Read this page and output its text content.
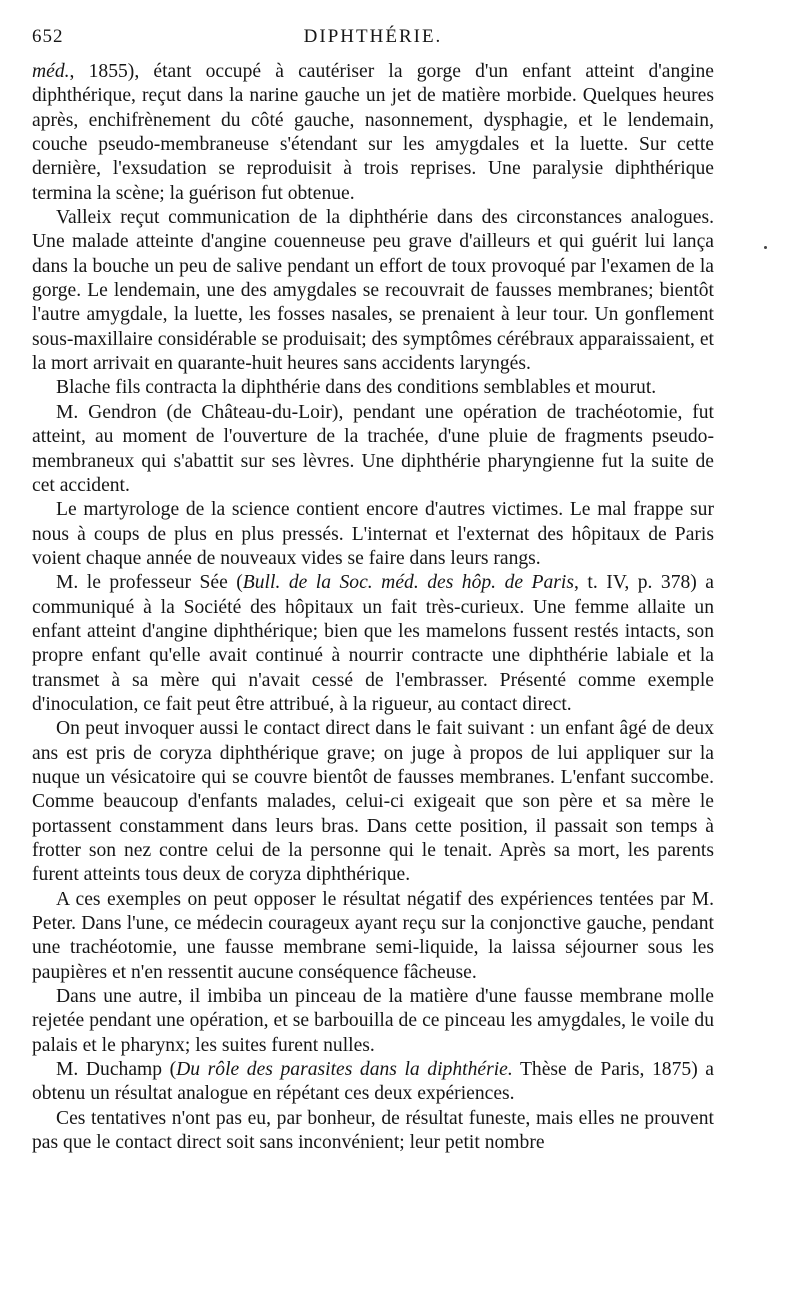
652	DIPHTHÉRIE.

méd., 1855), étant occupé à cautériser la gorge d'un enfant atteint d'angine diphthérique, reçut dans la narine gauche un jet de matière morbide. Quelques heures après, enchifrènement du côté gauche, nasonnement, dysphagie, et le lendemain, couche pseudo-membraneuse s'étendant sur les amygdales et la luette. Sur cette dernière, l'exsudation se reproduisit à trois reprises. Une paralysie diphthérique termina la scène; la guérison fut obtenue.

Valleix reçut communication de la diphthérie dans des circonstances analogues. Une malade atteinte d'angine couenneuse peu grave d'ailleurs et qui guérit lui lança dans la bouche un peu de salive pendant un effort de toux provoqué par l'examen de la gorge. Le lendemain, une des amygdales se recouvrait de fausses membranes; bientôt l'autre amygdale, la luette, les fosses nasales, se prenaient à leur tour. Un gonflement sous-maxillaire considérable se produisait; des symptômes cérébraux apparaissaient, et la mort arrivait en quarante-huit heures sans accidents laryngés.

Blache fils contracta la diphthérie dans des conditions semblables et mourut.

M. Gendron (de Château-du-Loir), pendant une opération de trachéotomie, fut atteint, au moment de l'ouverture de la trachée, d'une pluie de fragments pseudo-membraneux qui s'abattit sur ses lèvres. Une diphthérie pharyngienne fut la suite de cet accident.

Le martyrologe de la science contient encore d'autres victimes. Le mal frappe sur nous à coups de plus en plus pressés. L'internat et l'externat des hôpitaux de Paris voient chaque année de nouveaux vides se faire dans leurs rangs.

M. le professeur Sée (Bull. de la Soc. méd. des hôp. de Paris, t. IV, p. 378) a communiqué à la Société des hôpitaux un fait très-curieux. Une femme allaite un enfant atteint d'angine diphthérique; bien que les mamelons fussent restés intacts, son propre enfant qu'elle avait continué à nourrir contracte une diphthérie labiale et la transmet à sa mère qui n'avait cessé de l'embrasser. Présenté comme exemple d'inoculation, ce fait peut être attribué, à la rigueur, au contact direct.

On peut invoquer aussi le contact direct dans le fait suivant : un enfant âgé de deux ans est pris de coryza diphthérique grave; on juge à propos de lui appliquer sur la nuque un vésicatoire qui se couvre bientôt de fausses membranes. L'enfant succombe. Comme beaucoup d'enfants malades, celui-ci exigeait que son père et sa mère le portassent constamment dans leurs bras. Dans cette position, il passait son temps à frotter son nez contre celui de la personne qui le tenait. Après sa mort, les parents furent atteints tous deux de coryza diphthérique.

A ces exemples on peut opposer le résultat négatif des expériences tentées par M. Peter. Dans l'une, ce médecin courageux ayant reçu sur la conjonctive gauche, pendant une trachéotomie, une fausse membrane semi-liquide, la laissa séjourner sous les paupières et n'en ressentit aucune conséquence fâcheuse.

Dans une autre, il imbiba un pinceau de la matière d'une fausse membrane molle rejetée pendant une opération, et se barbouilla de ce pinceau les amygdales, le voile du palais et le pharynx; les suites furent nulles.

M. Duchamp (Du rôle des parasites dans la diphthérie. Thèse de Paris, 1875) a obtenu un résultat analogue en répétant ces deux expériences.

Ces tentatives n'ont pas eu, par bonheur, de résultat funeste, mais elles ne prouvent pas que le contact direct soit sans inconvénient; leur petit nombre
